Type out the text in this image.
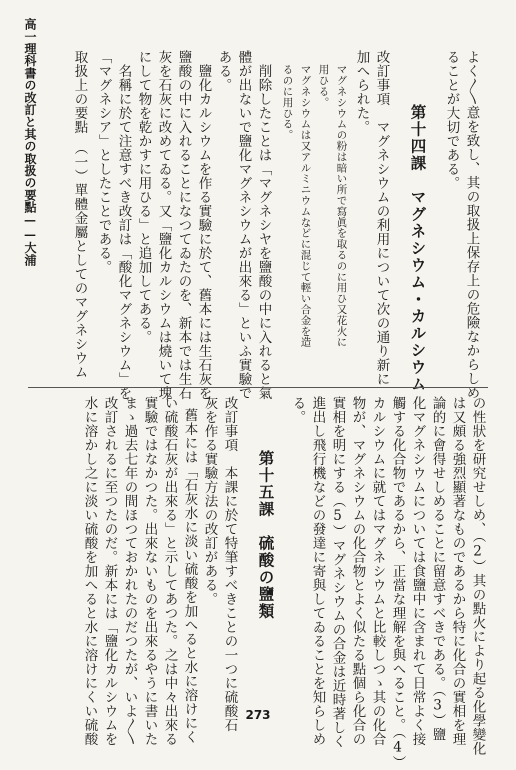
高一理科書の改訂と其の取扱の要點——大浦	よく〳〵意を致し、其の取扱上保存上の危險なからしめ
ることが大切である。
第十四課　マグネシウム・カルシウム
改訂事項　マグネシウムの利用について次の通り新に
加へられた。
マグネシウムの粉は暗い所で寫眞を取るのに用ひ又花火に
用ひる。
マグネシウムは又アルミニウムなどに混じて輕い合金を造
るのに用ひる。
削除したことは「マグネシヤを鹽酸の中に入れると氣
體が出ないで鹽化マグネシウムが出來る」といふ實驗で
ある。
鹽化カルシウムを作る實驗に於て、舊本には生石灰を
鹽酸の中に入れることになつてゐたのを、新本では生石
灰を石灰に改めてゐる。又「鹽化カルシウムは燒いて塊
にして物を乾かすに用ひる」と追加してある。
名稱に於て注意すべき改訂は「酸化マグネシウム」を
「マグネシア」としたことである。
取扱上の要點　（一）單體金屬としてのマグネシウム
の性狀を研究せしめ、（2）其の點火により起る化學變化
は又頗る強烈顯著なものであるから特に化合の實相を理
論的に會得せしめることに留意すべきである。（3）鹽
化マグネシウムについては食鹽中に含まれて日常よく接
觸する化合物であるから、正當な理解を與へること。（4）
カルシウムに就てはマグネシウムと比較しつゝ其の化合
物が、マグネシウムの化合物とよく似たる點個ら化合の
實相を明にする（5）マグネシウムの合金は近時著しく
進出し飛行機などの發達に寄與してゐることを知らしめ
る。
第十五課　硫酸の鹽類
改訂事項　本課に於て特筆すべきことの一つに硫酸石
灰を作る實驗方法の改訂がある。
舊本には「石灰水に淡い硫酸を加へると水に溶けにく
い硫酸石灰が出來る」と示してあつた。之は中々出來る
實驗ではなかつた。出來ないものを出來るやうに書いた
まゝ過去七年の間ほつておかれたのだつたが、いよ〳〵
改訂されるに至つたのだ。新本には「鹽化カルシウムを
水に溶かし之に淡い硫酸を加へると水に溶けにくい硫酸	273
